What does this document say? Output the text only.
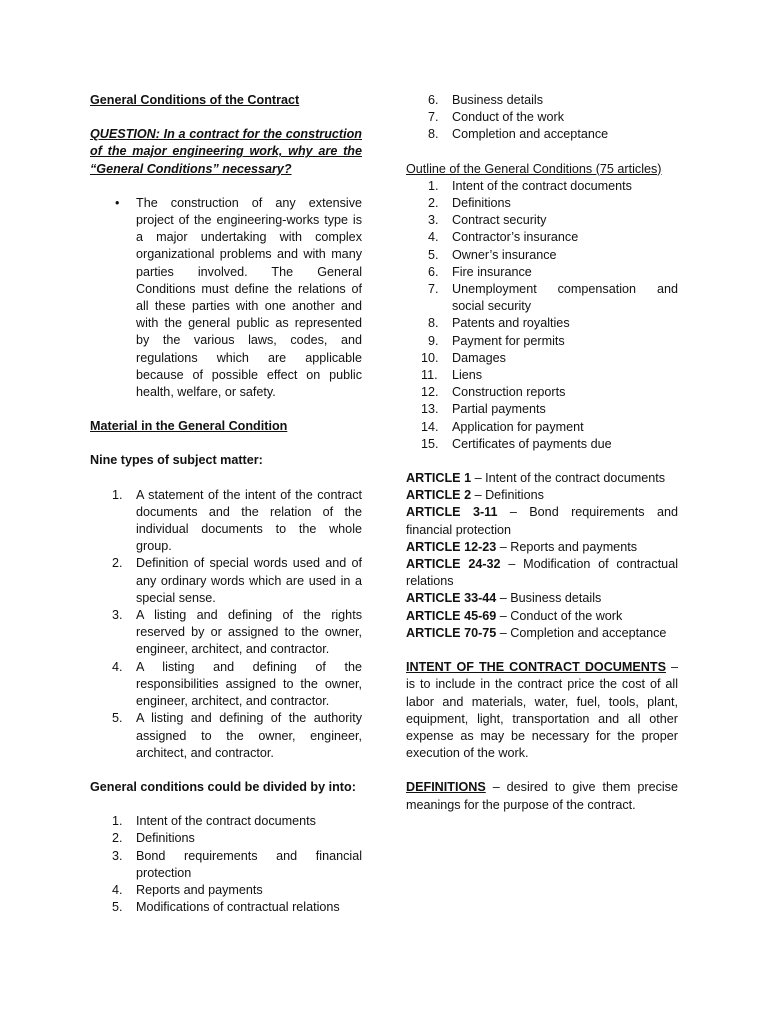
General Conditions of the Contract

QUESTION: In a contract for the construction of the major engineering work, why are the “General Conditions” necessary?

• The construction of any extensive project of the engineering-works type is a major undertaking with complex organizational problems and with many parties involved. The General Conditions must define the relations of all these parties with one another and with the general public as represented by the various laws, codes, and regulations which are applicable because of possible effect on public health, welfare, or safety.

Material in the General Condition

Nine types of subject matter:

1.	A statement of the intent of the contract documents and the relation of the individual documents to the whole group.
2.	Definition of special words used and of any ordinary words which are used in a special sense.
3.	A listing and defining of the rights reserved by or assigned to the owner, engineer, architect, and contractor.
4.	A listing and defining of the responsibilities assigned to the owner, engineer, architect, and contractor.
5.	A listing and defining of the authority assigned to the owner, engineer, architect, and contractor.

General conditions could be divided by into:

1.	Intent of the contract documents
2.	Definitions
3.	Bond requirements and financial protection
4.	Reports and payments
5.	Modifications of contractual relations
6.	Business details
7.	Conduct of the work
8.	Completion and acceptance

Outline of the General Conditions (75 articles)

1.	Intent of the contract documents
2.	Definitions
3.	Contract security
4.	Contractor’s insurance
5.	Owner’s insurance
6.	Fire insurance
7.	Unemployment compensation and social security
8.	Patents and royalties
9.	Payment for permits
10.	Damages
11.	Liens
12.	Construction reports
13.	Partial payments
14.	Application for payment
15.	Certificates of payments due

ARTICLE 1 – Intent of the contract documents

ARTICLE 2 – Definitions

ARTICLE 3-11 – Bond requirements and financial protection

ARTICLE 12-23 – Reports and payments

ARTICLE 24-32 – Modification of contractual relations

ARTICLE 33-44 – Business details

ARTICLE 45-69 – Conduct of the work

ARTICLE 70-75 – Completion and acceptance

INTENT OF THE CONTRACT DOCUMENTS – is to include in the contract price the cost of all labor and materials, water, fuel, tools, plant, equipment, light, transportation and all other expense as may be necessary for the proper execution of the work.

DEFINITIONS – desired to give them precise meanings for the purpose of the contract.
